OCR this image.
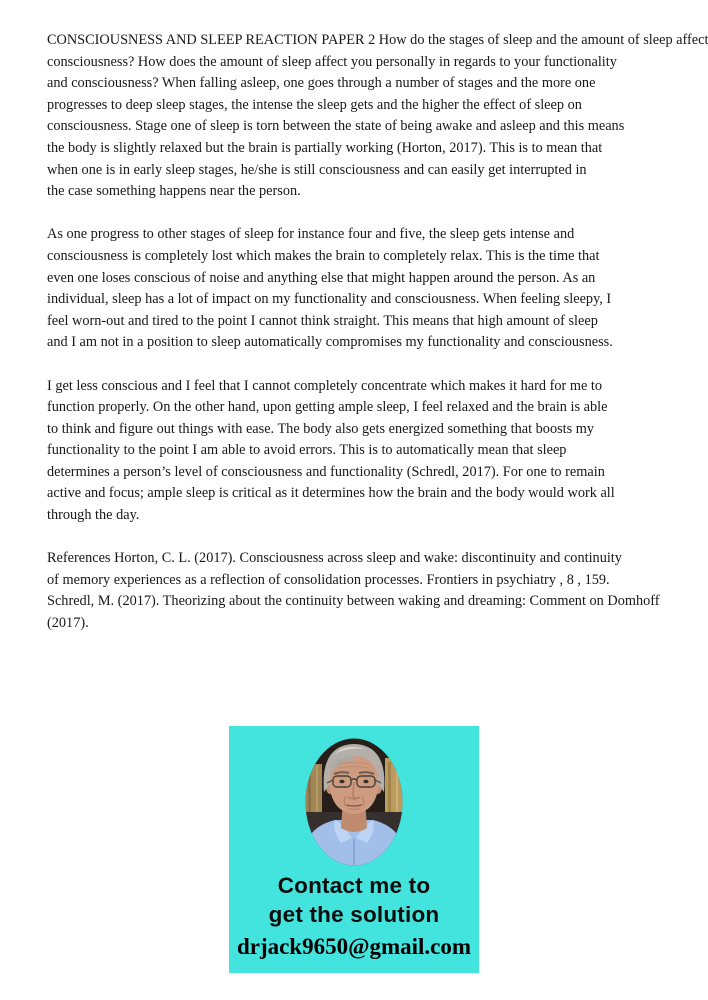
CONSCIOUSNESS AND SLEEP REACTION PAPER 2 How do the stages of sleep and the amount of sleep affect
consciousness? How does the amount of sleep affect you personally in regards to your functionality
and consciousness? When falling asleep, one goes through a number of stages and the more one
progresses to deep sleep stages, the intense the sleep gets and the higher the effect of sleep on
consciousness. Stage one of sleep is torn between the state of being awake and asleep and this means
the body is slightly relaxed but the brain is partially working (Horton, 2017). This is to mean that
when one is in early sleep stages, he/she is still consciousness and can easily get interrupted in
the case something happens near the person.
As one progress to other stages of sleep for instance four and five, the sleep gets intense and
consciousness is completely lost which makes the brain to completely relax. This is the time that
even one loses conscious of noise and anything else that might happen around the person. As an
individual, sleep has a lot of impact on my functionality and consciousness. When feeling sleepy, I
feel worn-out and tired to the point I cannot think straight. This means that high amount of sleep
and I am not in a position to sleep automatically compromises my functionality and consciousness.
I get less conscious and I feel that I cannot completely concentrate which makes it hard for me to
function properly. On the other hand, upon getting ample sleep, I feel relaxed and the brain is able
to think and figure out things with ease. The body also gets energized something that boosts my
functionality to the point I am able to avoid errors. This is to automatically mean that sleep
determines a person’s level of consciousness and functionality (Schredl, 2017). For one to remain
active and focus; ample sleep is critical as it determines how the brain and the body would work all
through the day.
References Horton, C. L. (2017). Consciousness across sleep and wake: discontinuity and continuity
of memory experiences as a reflection of consolidation processes. Frontiers in psychiatry , 8 , 159.
Schredl, M. (2017). Theorizing about the continuity between waking and dreaming: Comment on Domhoff
(2017).
Contact me to
get the solution
drjack9650@gmail.com
